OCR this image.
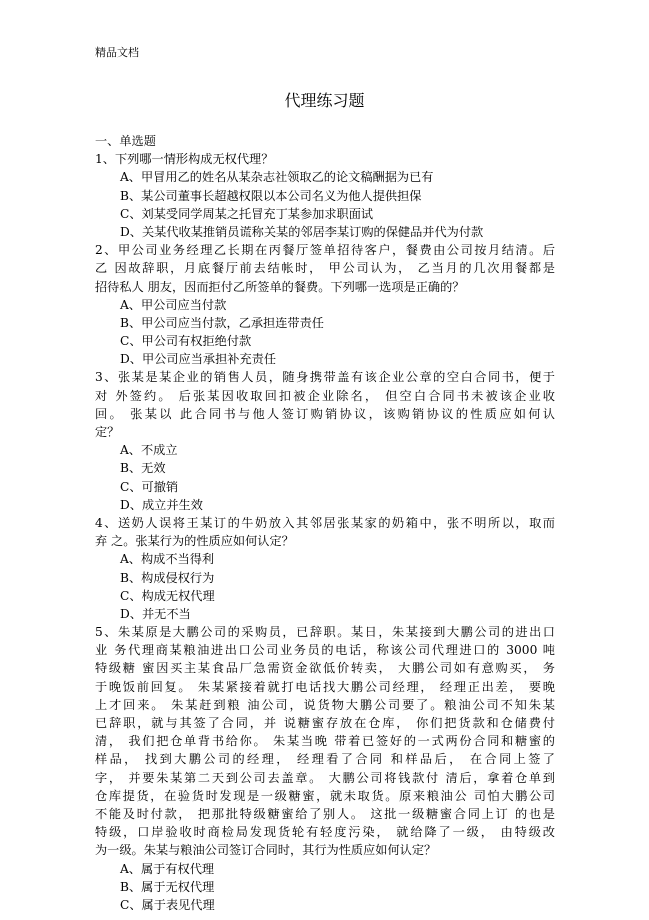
精品文档
代理练习题
一、单选题
1、下列哪一情形构成无权代理？
A、甲冒用乙的姓名从某杂志社领取乙的论文稿酬据为已有
B、某公司董事长超越权限以本公司名义为他人提供担保
C、刘某受同学周某之托冒充丁某参加求职面试
D、关某代收某推销员谎称关某的邻居李某订购的保健品并代为付款
2、甲公司业务经理乙长期在丙餐厅签单招待客户，餐费由公司按月结清。后
乙 因故辞职，月底餐厅前去结帐时， 甲公司认为， 乙当月的几次用餐都是
招待私人 朋友，因而拒付乙所签单的餐费。下列哪一选项是正确的？
A、甲公司应当付款
B、甲公司应当付款，乙承担连带责任
C、甲公司有权拒绝付款
D、甲公司应当承担补充责任
3、张某是某企业的销售人员，随身携带盖有该企业公章的空白合同书，便于
对 外签约。 后张某因收取回扣被企业除名， 但空白合同书未被该企业收
回。 张某以 此合同书与他人签订购销协议，该购销协议的性质应如何认
定？
A、不成立
B、无效
C、可撤销
D、成立并生效
4、送奶人误将王某订的牛奶放入其邻居张某家的奶箱中，张不明所以，取而
弃 之。张某行为的性质应如何认定？
A、构成不当得利
B、构成侵权行为
C、构成无权代理
D、并无不当
5、朱某原是大鹏公司的采购员，已辞职。某日，朱某接到大鹏公司的进出口
业 务代理商某粮油进出口公司业务员的电话，称该公司代理进口的 3000 吨
特级糖 蜜因买主某食品厂急需资金欲低价转卖， 大鹏公司如有意购买， 务
于晚饭前回复。 朱某紧接着就打电话找大鹏公司经理， 经理正出差， 要晚
上才回来。 朱某赶到粮 油公司，说货物大鹏公司要了。粮油公司不知朱某
已辞职，就与其签了合同，并 说糖蜜存放在仓库， 你们把货款和仓储费付
清， 我们把仓单背书给你。 朱某当晚 带着已签好的一式两份合同和糖蜜的
样品， 找到大鹏公司的经理， 经理看了合同 和样品后， 在合同上签了
字， 并要朱某第二天到公司去盖章。 大鹏公司将钱款付 清后，拿着仓单到
仓库提货，在验货时发现是一级糖蜜，就未取货。原来粮油公 司怕大鹏公司
不能及时付款， 把那批特级糖蜜给了别人。 这批一级糖蜜合同上订 的也是
特级，口岸验收时商检局发现货轮有轻度污染， 就给降了一级， 由特级改
为一级。朱某与粮油公司签订合同时，其行为性质应如何认定？
A、属于有权代理
B、属于无权代理
C、属于表见代理
